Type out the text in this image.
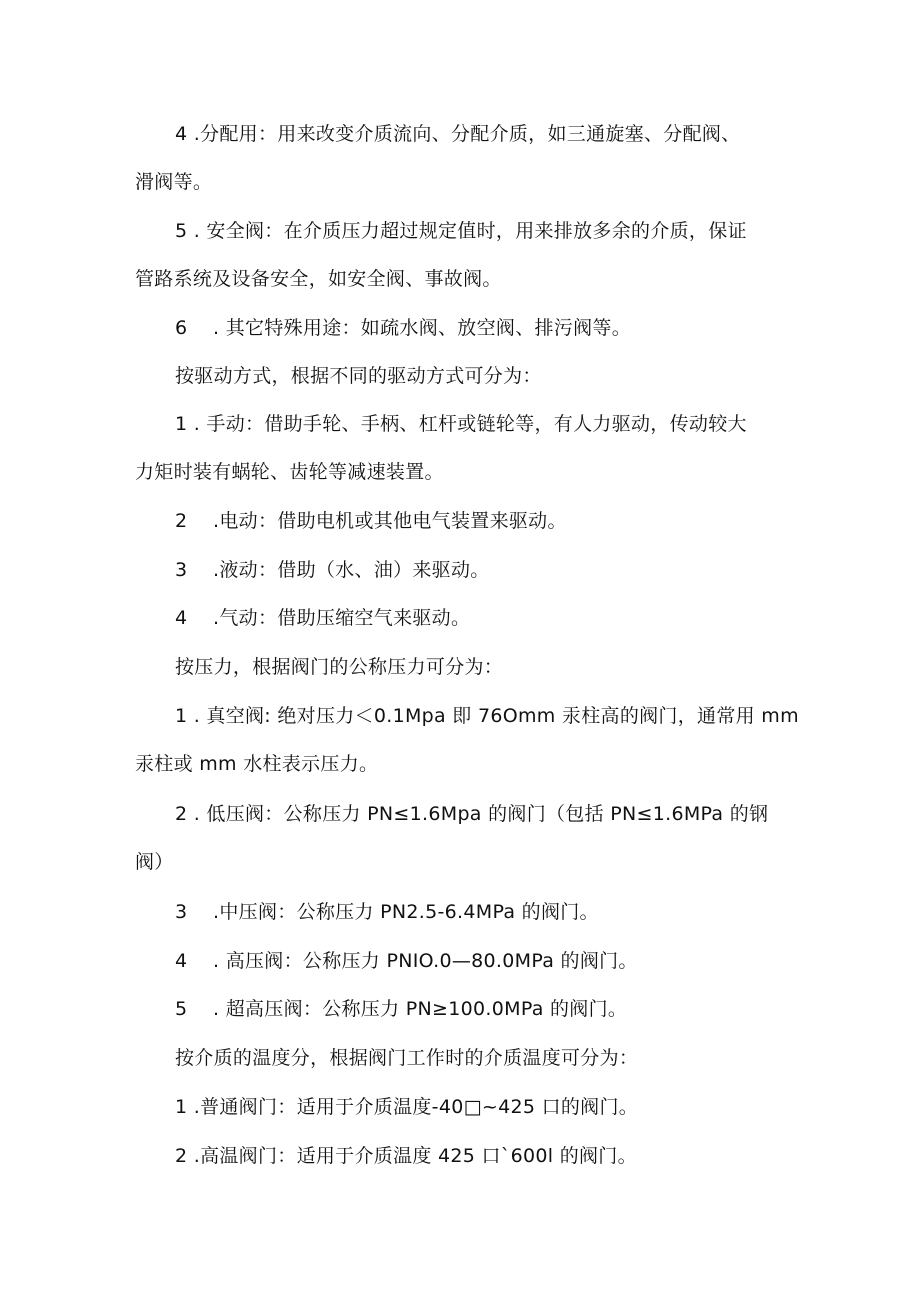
4 .分配用：用来改变介质流向、分配介质，如三通旋塞、分配阀、
滑阀等。

5 . 安全阀：在介质压力超过规定值时，用来排放多余的介质，保证
管路系统及设备安全，如安全阀、事故阀。

6 　. 其它特殊用途：如疏水阀、放空阀、排污阀等。

按驱动方式，根据不同的驱动方式可分为：

1 . 手动：借助手轮、手柄、杠杆或链轮等，有人力驱动，传动较大
力矩时装有蜗轮、齿轮等减速装置。

2 　.电动：借助电机或其他电气装置来驱动。

3 　.液动：借助（水、油）来驱动。

4 　.气动：借助压缩空气来驱动。

按压力，根据阀门的公称压力可分为：

1 . 真空阀: 绝对压力＜0.1Mpa 即 76Omm 汞柱高的阀门，通常用 mm
汞柱或 mm 水柱表示压力。

2 . 低压阀：公称压力 PN≤1.6Mpa 的阀门（包括 PN≤1.6MPa 的钢
阀）

3 　.中压阀：公称压力 PN2.5-6.4MPa 的阀门。

4 　. 高压阀：公称压力 PNIO.0—80.0MPa 的阀门。

5 　. 超高压阀：公称压力 PN≥100.0MPa 的阀门。

按介质的温度分，根据阀门工作时的介质温度可分为：

1 .普通阀门：适用于介质温度-40□~425 口的阀门。

2 .高温阀门：适用于介质温度 425 口`600l 的阀门。
